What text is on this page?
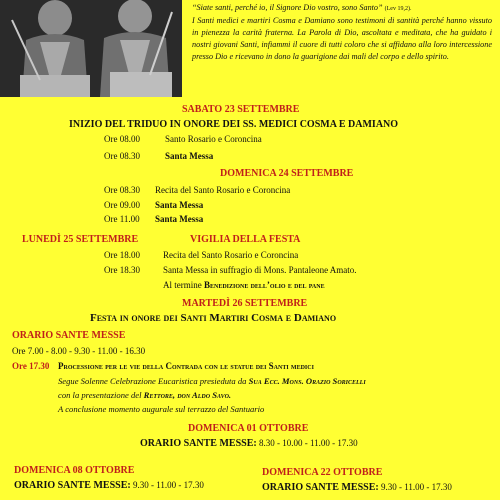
“Siate santi, perché io, il Signore Dio vostro, sono Santo” (Lev 19,2).
I Santi medici e martiri Cosma e Damiano sono testimoni di santità perché hanno vissuto in pienezza la carità fraterna. La Parola di Dio, ascoltata e meditata, che ha guidato i nostri giovani Santi, infiammi il cuore di tutti coloro che si affidano alla loro intercessione presso Dio e ricevano in dono la guarigione dai mali del corpo e dello spirito.
SABATO 23 SETTEMBRE
INIZIO DEL TRIDUO IN ONORE DEI SS. MEDICI COSMA E DAMIANO
Ore 08.00	Santo Rosario e Coroncina
Ore 08.30	Santa Messa
DOMENICA 24 SETTEMBRE
Ore 08.30 Recita del Santo Rosario e Coroncina
Ore 09.00 Santa Messa
Ore 11.00 Santa Messa
LUNEDÌ 25 SETTEMBRE	VIGILIA DELLA FESTA
Ore 18.00	Recita del Santo Rosario e Coroncina
Ore 18.30	Santa Messa in suffragio di Mons. Pantaleone Amato.
Al termine Benedizione dell’olio e del pane
MARTEDÌ 26 SETTEMBRE
Festa in onore dei Santi Martiri Cosma e Damiano
ORARIO SANTE MESSE
Ore 7.00 - 8.00 - 9.30 - 11.00 - 16.30
Ore 17.30 Processione per le vie della Contrada con le statue dei Santi medici
Segue Solenne Celebrazione Eucaristica presieduta da Sua Ecc. Mons. Orazio Soricelli
con la presentazione del Rettore, don Aldo Savo.
A conclusione momento augurale sul terrazzo del Santuario
DOMENICA 01 OTTOBRE
ORARIO SANTE MESSE: 8.30 - 10.00 - 11.00 - 17.30
DOMENICA 08 OTTOBRE
ORARIO SANTE MESSE: 9.30 - 11.00 - 17.30
DOMENICA 22 OTTOBRE
ORARIO SANTE MESSE: 9.30 - 11.00 - 17.30
